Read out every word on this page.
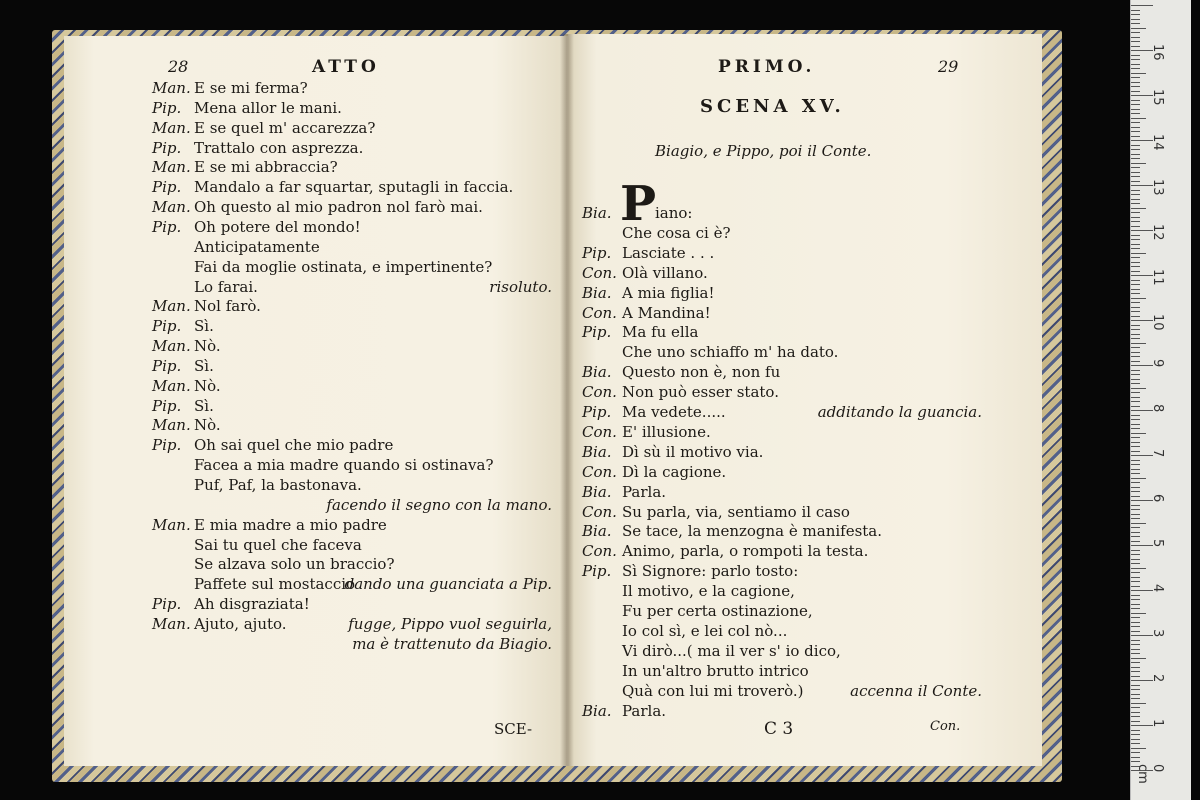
28	ATTO
Man. E se mi ferma?
Pip. Mena allor le mani.
Man. E se quel m' accarezza?
Pip. Trattalo con asprezza.
Man. E se mi abbraccia?
Pip. Mandalo a far squartar, sputagli in faccia.
Man. Oh questo al mio padron nol farò mai.
Pip. Oh potere del mondo!
Anticipatamente
Fai da moglie ostinata, e impertinente?
Lo farai.	risoluto.
Man. Nol farò.
Pip. Sì.
Man. Nò.
Pip. Sì.
Man. Nò.
Pip. Sì.
Man. Nò.
Pip. Oh sai quel che mio padre
Facea a mia madre quando si ostinava?
Puf, Paf, la bastonava.
facendo il segno con la mano.
Man. E mia madre a mio padre
Sai tu quel che faceva
Se alzava solo un braccio?
Paffete sul mostaccio
dando una guanciata a Pip.
Pip. Ah disgraziata!
Man. Ajuto, ajuto.	fugge, Pippo vuol seguirla,
ma è trattenuto da Biagio.
SCE-
PRIMO.	29
SCENA XV.
Biagio, e Pippo, poi il Conte.
P
Bia.	iano:
Che cosa ci è?
Pip. Lasciate . . .
Con. Olà villano.
Bia. A mia figlia!
Con. A Mandina!
Pip. Ma fu ella
Che uno schiaffo m' ha dato.
Bia. Questo non è, non fu
Con. Non può esser stato.
Pip. Ma vedete.....	additando la guancia.
Con. E' illusione.
Bia. Dì sù il motivo via.
Con. Dì la cagione.
Bia. Parla.
Con. Su parla, via, sentiamo il caso
Bia. Se tace, la menzogna è manifesta.
Con. Animo, parla, o rompoti la testa.
Pip. Sì Signore: parlo tosto:
Il motivo, e la cagione,
Fu per certa ostinazione,
Io col sì, e lei col nò...
Vi dirò...( ma il ver s' io dico,
In un'altro brutto intrico
Quà con lui mi troverò.)	accenna il Conte.
Bia. Parla.
C 3	Con.
16
15
14
13
12
11
10
9
8
7
6
5
4
3
2
1
0 cm
